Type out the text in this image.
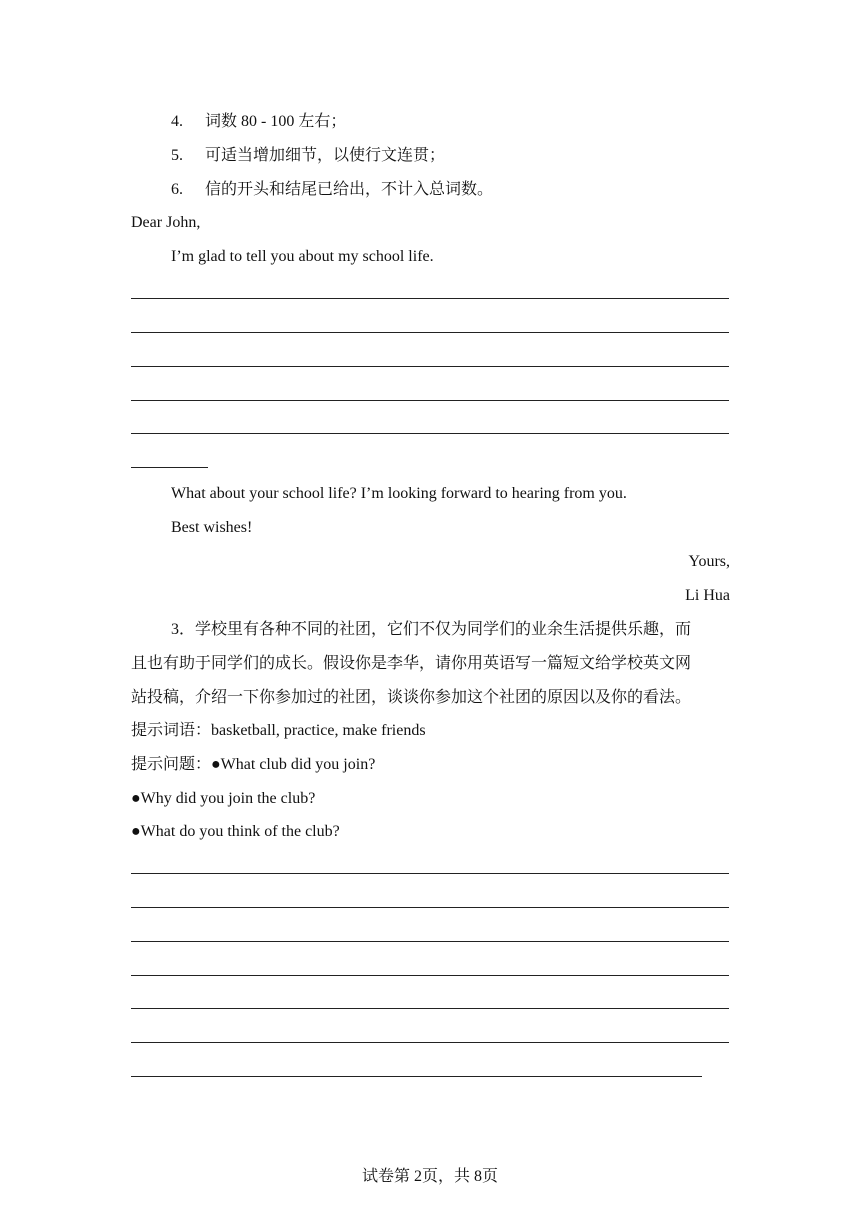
4. 词数 80 - 100 左右；
5. 可适当增加细节，以使行文连贯；
6. 信的开头和结尾已给出，不计入总词数。
Dear John,
I’m glad to tell you about my school life.
What about your school life? I’m looking forward to hearing from you.
Best wishes!
Yours,
Li Hua
3．学校里有各种不同的社团，它们不仅为同学们的业余生活提供乐趣，而
且也有助于同学们的成长。假设你是李华，请你用英语写一篇短文给学校英文网
站投稿，介绍一下你参加过的社团，谈谈你参加这个社团的原因以及你的看法。
提示词语：basketball, practice, make friends
提示问题：●What club did you join?
●Why did you join the club?
●What do you think of the club?
试卷第 2页，共 8页
